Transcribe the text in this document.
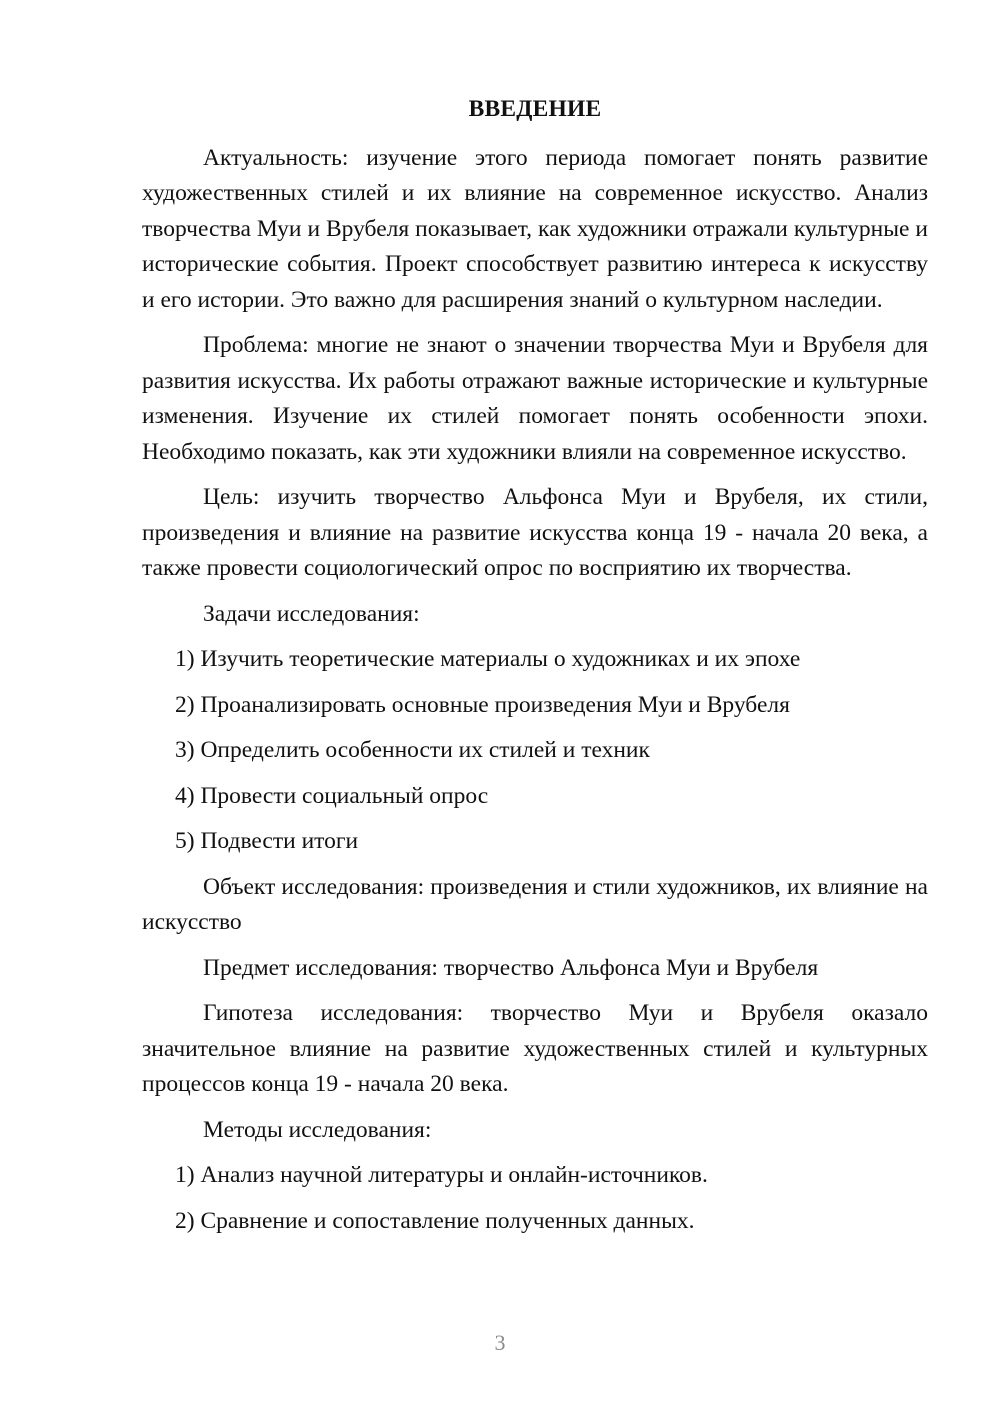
ВВЕДЕНИЕ

Актуальность: изучение этого периода помогает понять развитие художественных стилей и их влияние на современное искусство. Анализ творчества Муи и Врубеля показывает, как художники отражали культурные и исторические события. Проект способствует развитию интереса к искусству и его истории. Это важно для расширения знаний о культурном наследии.

Проблема: многие не знают о значении творчества Муи и Врубеля для развития искусства. Их работы отражают важные исторические и культурные изменения. Изучение их стилей помогает понять особенности эпохи. Необходимо показать, как эти художники влияли на современное искусство.

Цель: изучить творчество Альфонса Муи и Врубеля, их стили, произведения и влияние на развитие искусства конца 19 - начала 20 века, а также провести социологический опрос по восприятию их творчества.

Задачи исследования:

1) Изучить теоретические материалы о художниках и их эпохе
2) Проанализировать основные произведения Муи и Врубеля
3) Определить особенности их стилей и техник
4) Провести социальный опрос
5) Подвести итоги

Объект исследования: произведения и стили художников, их влияние на искусство

Предмет исследования: творчество Альфонса Муи и Врубеля

Гипотеза исследования: творчество Муи и Врубеля оказало значительное влияние на развитие художественных стилей и культурных процессов конца 19 - начала 20 века.

Методы исследования:

1) Анализ научной литературы и онлайн-источников.
2) Сравнение и сопоставление полученных данных.
3
